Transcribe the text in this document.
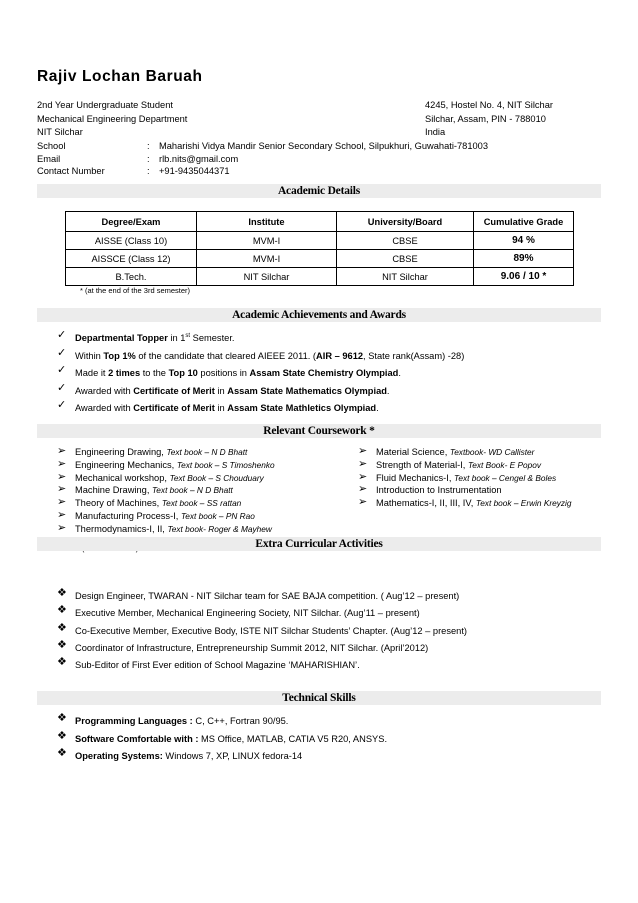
Rajiv Lochan Baruah
2nd Year Undergraduate Student
Mechanical Engineering Department
NIT Silchar
4245, Hostel No. 4, NIT Silchar
Silchar, Assam, PIN - 788010
India
School	:	Maharishi Vidya Mandir Senior Secondary School, Silpukhuri, Guwahati-781003
Email	:	rlb.nits@gmail.com
Contact Number	:	+91-9435044371
Academic Details
Degree/Exam	Institute	University/Board	Cumulative Grade
AISSE (Class 10)	MVM-I	CBSE	94 %
AISSCE (Class 12)	MVM-I	CBSE	89%
B.Tech.	NIT Silchar	NIT Silchar	9.06 / 10 *
* (at the end of the 3rd semester)
Academic Achievements and Awards
✓ Departmental Topper in 1st Semester.
✓ Within Top 1% of the candidate that cleared AIEEE 2011. (AIR – 9612, State rank(Assam) -28)
✓ Made it 2 times to the Top 10 positions in Assam State Chemistry Olympiad.
✓ Awarded with Certificate of Merit in Assam State Mathematics Olympiad.
✓ Awarded with Certificate of Merit in Assam State Mathletics Olympiad.
Relevant Coursework *
➢ Engineering Drawing, Text book – N D Bhatt
➢ Engineering Mechanics, Text book – S Timoshenko
➢ Mechanical workshop, Text Book – S Chouduary
➢ Machine Drawing, Text book – N D Bhatt
➢ Theory of Machines, Text book – SS rattan
➢ Manufacturing Process-I, Text book – PN Rao
➢ Thermodynamics-I, II, Text book- Roger & Mayhew
➢ Material Science, Textbook- WD Callister
➢ Strength of Material-I, Text Book- E Popov
➢ Fluid Mechanics-I, Text book – Cengel & Boles
➢ Introduction to Instrumentation
➢ Mathematics-I, II, III, IV, Text book – Erwin Kreyzig
Extra Curricular Activities
❖ Design Engineer, TWARAN - NIT Silchar team for SAE BAJA competition. ( Aug’12 – present)
❖ Executive Member, Mechanical Engineering Society, NIT Silchar. (Aug’11 – present)
❖ Co-Executive Member, Executive Body, ISTE NIT Silchar Students’ Chapter. (Aug’12 – present)
❖ Coordinator of Infrastructure, Entrepreneurship Summit 2012, NIT Silchar. (April’2012)
❖ Sub-Editor of First Ever edition of School Magazine ‘MAHARISHIAN’.
Technical Skills
❖ Programming Languages : C, C++, Fortran 90/95.
❖ Software Comfortable with : MS Office, MATLAB, CATIA V5 R20, ANSYS.
❖ Operating Systems: Windows 7, XP, LINUX fedora-14
